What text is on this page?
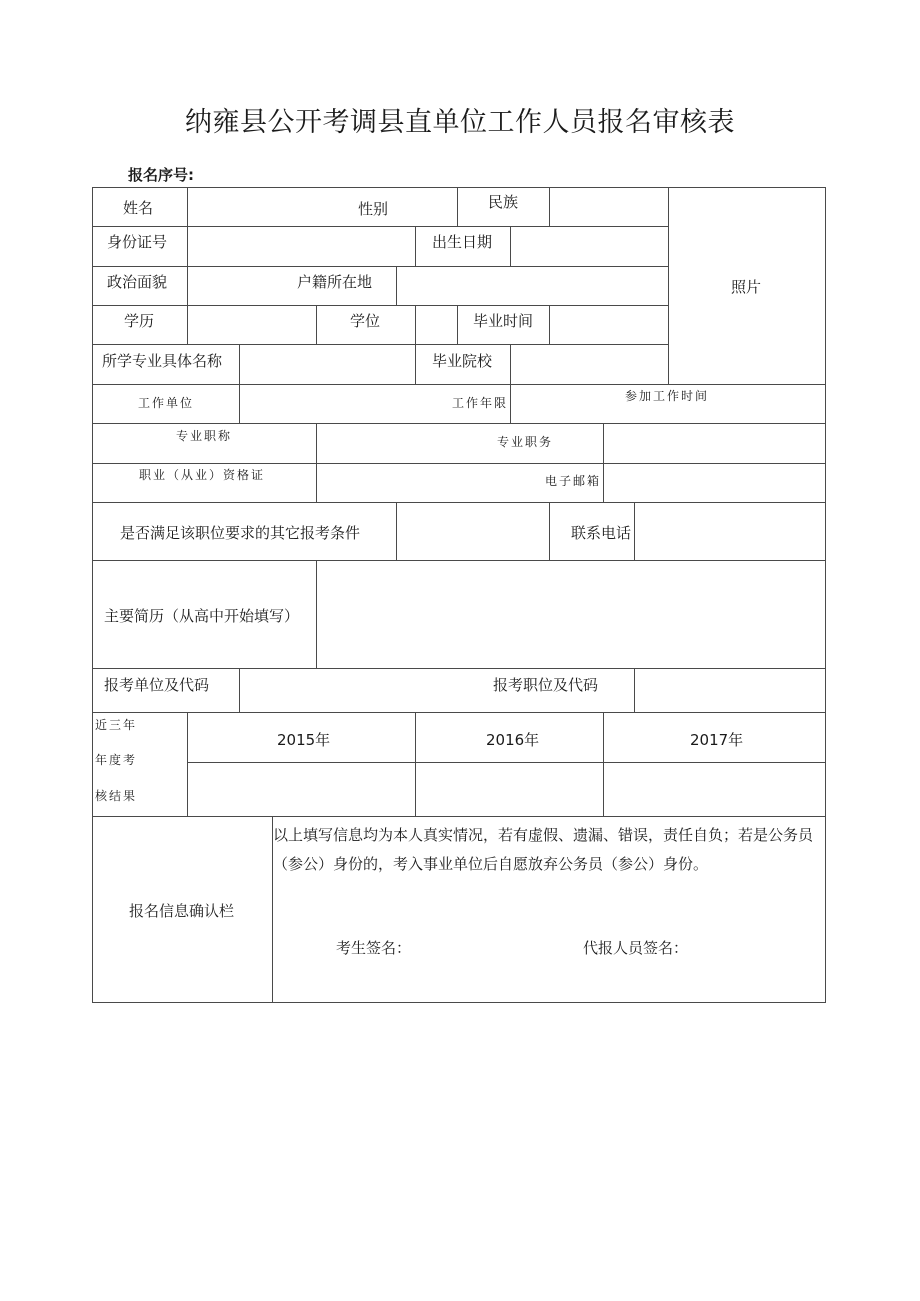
纳雍县公开考调县直单位工作人员报名审核表
报名序号:
姓名	性别	民族
照片
身份证号	出生日期
政治面貌	户籍所在地
学历	学位	毕业时间
所学专业具体名称	毕业院校
工作单位	工作年限	参加工作时间
专业职称	专业职务
职业（从业）资格证	电子邮箱
是否满足该职位要求的其它报考条件	联系电话
主要简历（从高中开始填写）
报考单位及代码	报考职位及代码
近三年
年度考
核结果
2015年	2016年	2017年
报名信息确认栏
以上填写信息均为本人真实情况，若有虚假、遗漏、错误，责任自负；若是公务员（参公）身份的，考入事业单位后自愿放弃公务员（参公）身份。
考生签名：	代报人员签名：
